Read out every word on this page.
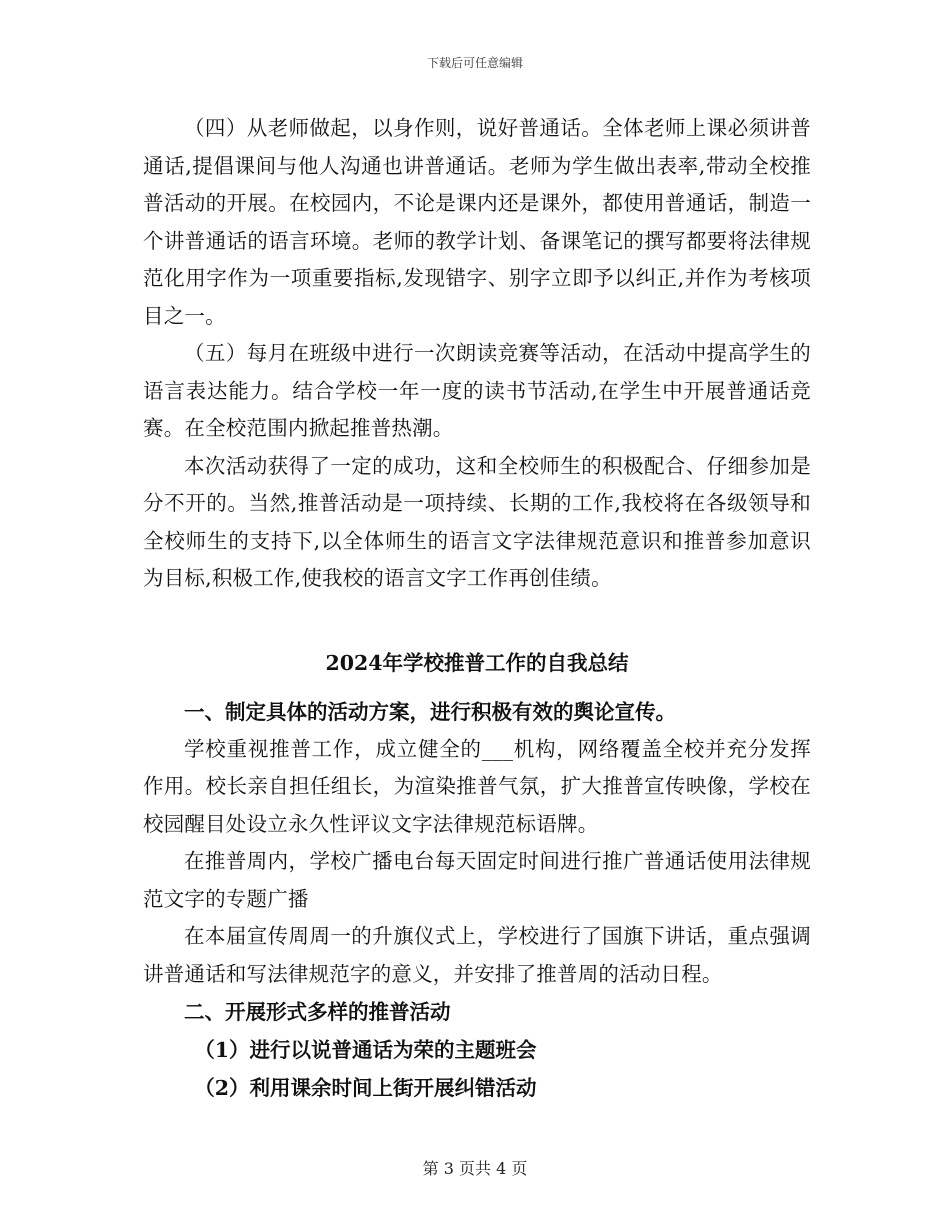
下载后可任意编辑

（四）从老师做起，以身作则，说好普通话。全体老师上课必须讲普通话,提倡课间与他人沟通也讲普通话。老师为学生做出表率,带动全校推普活动的开展。在校园内，不论是课内还是课外，都使用普通话，制造一个讲普通话的语言环境。老师的教学计划、备课笔记的撰写都要将法律规范化用字作为一项重要指标,发现错字、别字立即予以纠正,并作为考核项目之一。

（五）每月在班级中进行一次朗读竞赛等活动，在活动中提高学生的语言表达能力。结合学校一年一度的读书节活动,在学生中开展普通话竞赛。在全校范围内掀起推普热潮。

本次活动获得了一定的成功，这和全校师生的积极配合、仔细参加是分不开的。当然,推普活动是一项持续、长期的工作,我校将在各级领导和全校师生的支持下,以全体师生的语言文字法律规范意识和推普参加意识为目标,积极工作,使我校的语言文字工作再创佳绩。

2024年学校推普工作的自我总结

一、制定具体的活动方案，进行积极有效的舆论宣传。

学校重视推普工作，成立健全的___机构，网络覆盖全校并充分发挥作用。校长亲自担任组长，为渲染推普气氛，扩大推普宣传映像，学校在校园醒目处设立永久性评议文字法律规范标语牌。

在推普周内，学校广播电台每天固定时间进行推广普通话使用法律规范文字的专题广播

在本届宣传周周一的升旗仪式上，学校进行了国旗下讲话，重点强调讲普通话和写法律规范字的意义，并安排了推普周的活动日程。

二、开展形式多样的推普活动

（1）进行以说普通话为荣的主题班会

（2）利用课余时间上街开展纠错活动

第 3 页共 4 页
